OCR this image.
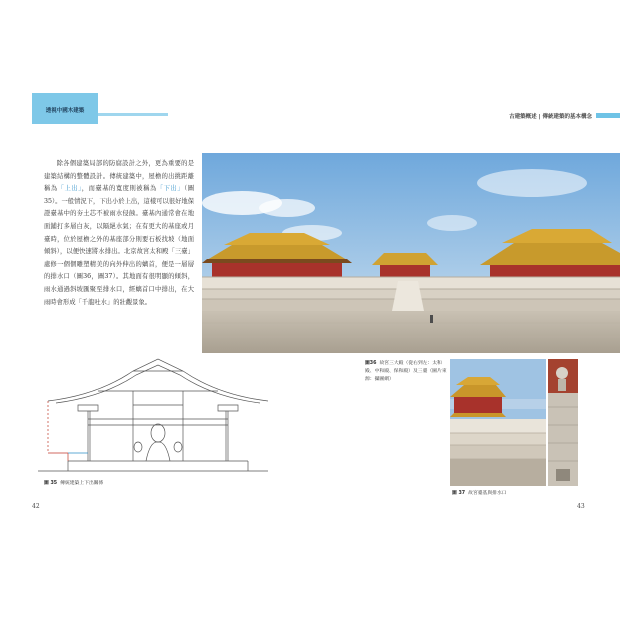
透視中國木建築
古建築概述 | 傳統建築的基本構念

除各個建築局部的防腐設計之外，更為重要的是建築結構的整體設計。傳統建築中，屋檐的出挑距離稱為「上出」，而臺基的寬度則被稱為「下出」（圖35）。一般情況下，下出小於上出，這樣可以很好地保證臺基中的夯土芯不被雨水侵蝕。臺基內通常會在地面鋪打多層白灰，以隔絕水氣；在有更大的基座或月臺時，位於屋檐之外的基座部分則要石板找坡（地面傾斜），以便快速將水排出。北京故宮太和殿「三臺」處修一個個雕塑精美的向外伸出的螭首，便是一層層的排水口（圖36，圖37）。其地面有很明顯的傾斜，雨水通過斜坡匯聚至排水口，經螭首口中排出，在大雨時會形成「千龍吐水」的壯觀景象。

圖36 故宮三大殿（從右到左：太和殿、中和殿、保和殿）及三臺（圖片來源：攝圖網）
圖 37 故宮臺基與排水口
圖 35 傳統建築上下出關係
42	43
